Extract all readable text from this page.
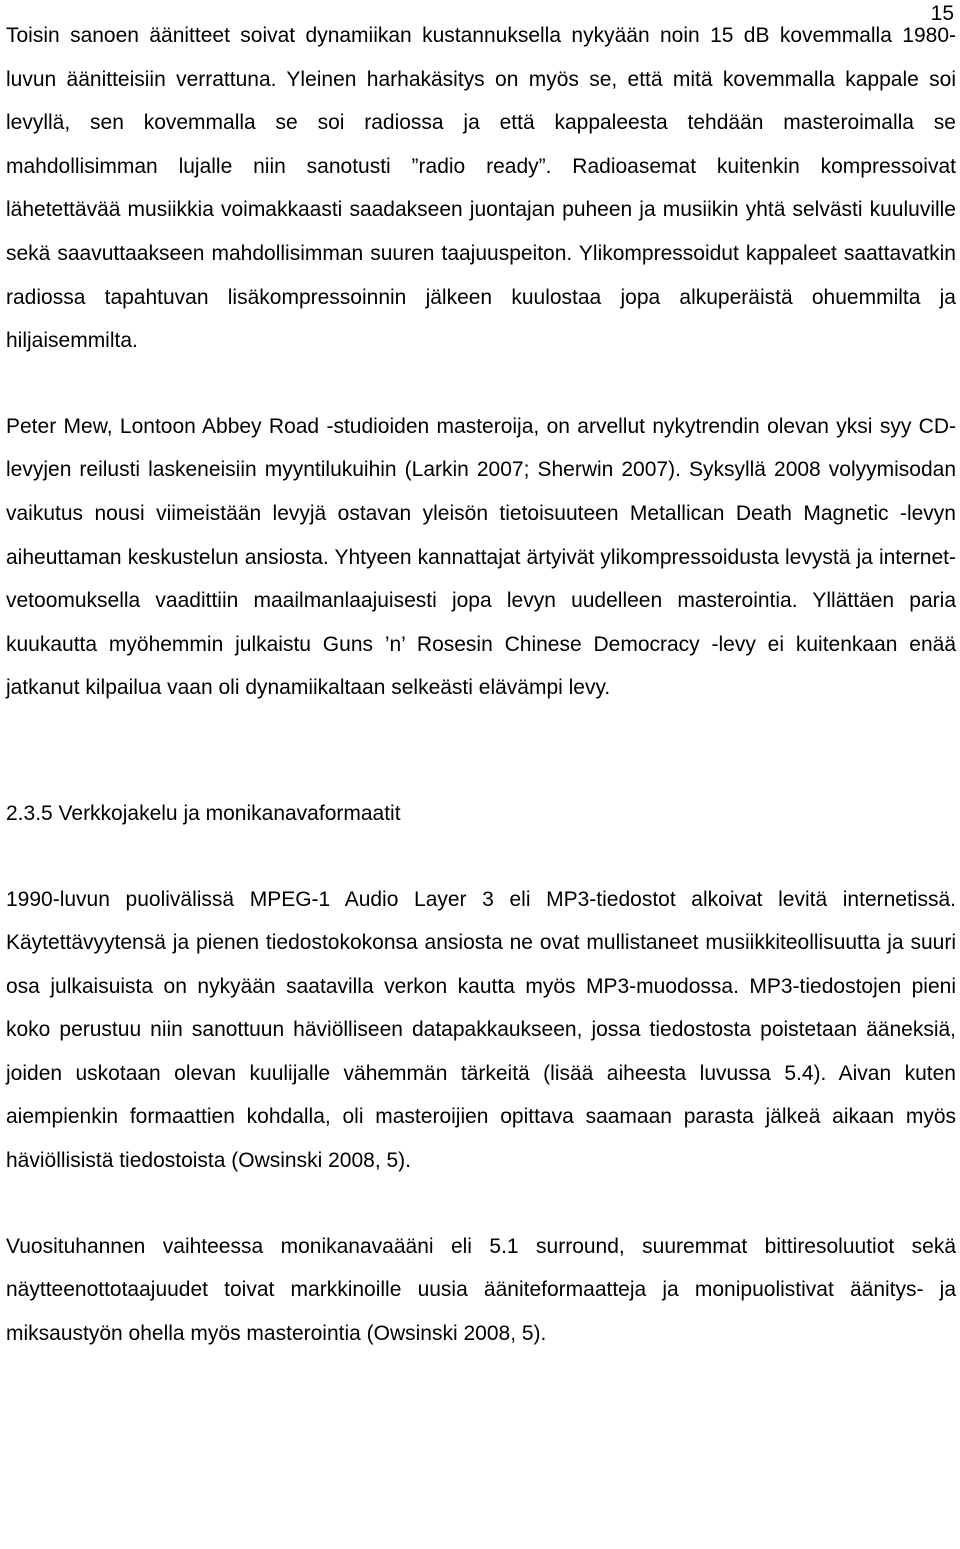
15

Toisin sanoen äänitteet soivat dynamiikan kustannuksella nykyään noin 15 dB kovemmalla 1980-luvun äänitteisiin verrattuna. Yleinen harhakäsitys on myös se, että mitä kovemmalla kappale soi levyllä, sen kovemmalla se soi radiossa ja että kappaleesta tehdään masteroimalla se mahdollisimman lujalle niin sanotusti ”radio ready”. Radioasemat kuitenkin kompressoivat lähetettävää musiikkia voimakkaasti saadakseen juontajan puheen ja musiikin yhtä selvästi kuuluville sekä saavuttaakseen mahdollisimman suuren taajuuspeiton. Ylikompressoidut kappaleet saattavatkin radiossa tapahtuvan lisäkompressoinnin jälkeen kuulostaa jopa alkuperäistä ohuemmilta ja hiljaisemmilta.

Peter Mew, Lontoon Abbey Road -studioiden masteroija, on arvellut nykytrendin olevan yksi syy CD-levyjen reilusti laskeneisiin myyntilukuihin (Larkin 2007; Sherwin 2007). Syksyllä 2008 volyymisodan vaikutus nousi viimeistään levyjä ostavan yleisön tietoisuuteen Metallican Death Magnetic -levyn aiheuttaman keskustelun ansiosta. Yhtyeen kannattajat ärtyivät ylikompressoidusta levystä ja internet-vetoomuksella vaadittiin maailmanlaajuisesti jopa levyn uudelleen masterointia. Yllättäen paria kuukautta myöhemmin julkaistu Guns ’n’ Rosesin Chinese Democracy -levy ei kuitenkaan enää jatkanut kilpailua vaan oli dynamiikaltaan selkeästi elävämpi levy.

2.3.5 Verkkojakelu ja monikanavaformaatit

1990-luvun puolivälissä MPEG-1 Audio Layer 3 eli MP3-tiedostot alkoivat levitä internetissä. Käytettävyytensä ja pienen tiedostokokonsa ansiosta ne ovat mullistaneet musiikkiteollisuutta ja suuri osa julkaisuista on nykyään saatavilla verkon kautta myös MP3-muodossa. MP3-tiedostojen pieni koko perustuu niin sanottuun häviölliseen datapakkaukseen, jossa tiedostosta poistetaan ääneksiä, joiden uskotaan olevan kuulijalle vähemmän tärkeitä (lisää aiheesta luvussa 5.4). Aivan kuten aiempienkin formaattien kohdalla, oli masteroijien opittava saamaan parasta jälkeä aikaan myös häviöllisistä tiedostoista (Owsinski 2008, 5).

Vuosituhannen vaihteessa monikanavaääni eli 5.1 surround, suuremmat bittiresoluutiot sekä näytteenottotaajuudet toivat markkinoille uusia ääniteformaatteja ja monipuolistivat äänitys- ja miksaustyön ohella myös masterointia (Owsinski 2008, 5).
